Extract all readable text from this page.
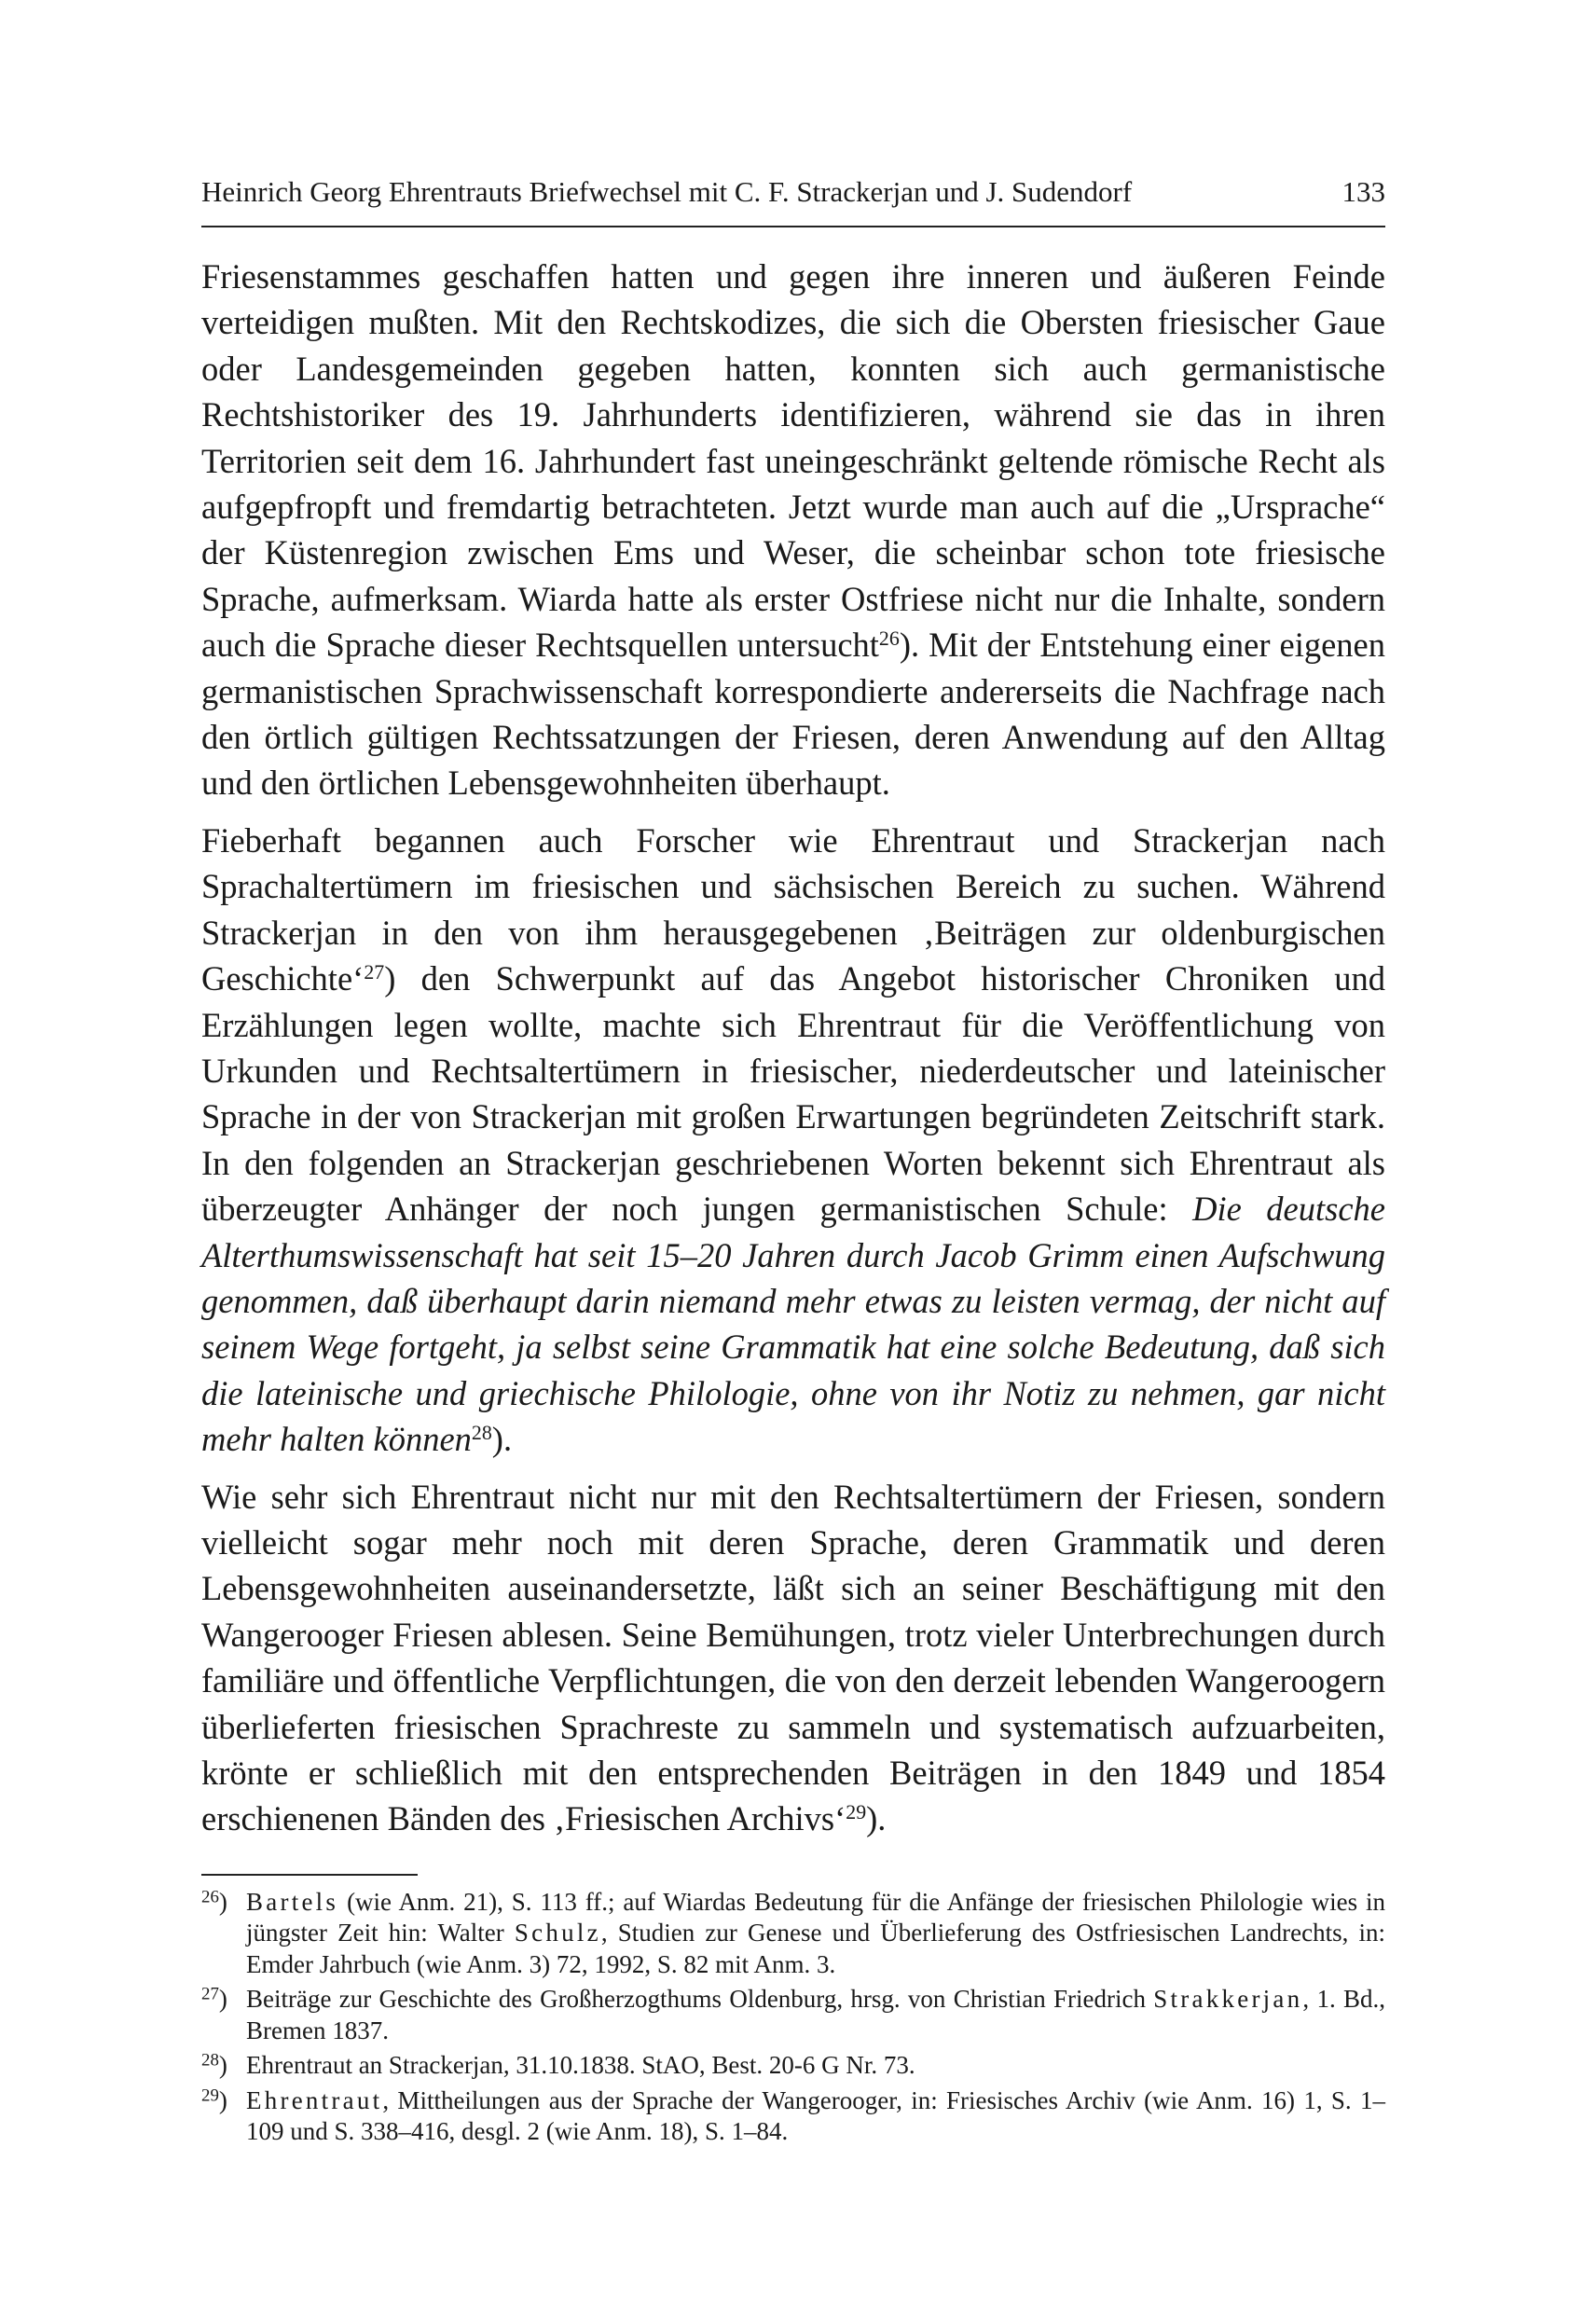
Heinrich Georg Ehrentrauts Briefwechsel mit C. F. Strackerjan und J. Sudendorf	133

Friesenstammes geschaffen hatten und gegen ihre inneren und äußeren Feinde verteidigen mußten. Mit den Rechtskodizes, die sich die Obersten friesischer Gaue oder Landesgemeinden gegeben hatten, konnten sich auch germanistische Rechtshistoriker des 19. Jahrhunderts identifizieren, während sie das in ihren Territorien seit dem 16. Jahrhundert fast uneingeschränkt geltende römische Recht als aufgepfropft und fremdartig betrachteten. Jetzt wurde man auch auf die „Ursprache“ der Küstenregion zwischen Ems und Weser, die scheinbar schon tote friesische Sprache, aufmerksam. Wiarda hatte als erster Ostfriese nicht nur die Inhalte, sondern auch die Sprache dieser Rechtsquellen untersucht$^{26}$). Mit der Entstehung einer eigenen germanistischen Sprachwissenschaft korrespondierte andererseits die Nachfrage nach den örtlich gültigen Rechtssatzungen der Friesen, deren Anwendung auf den Alltag und den örtlichen Lebensgewohnheiten überhaupt.

Fieberhaft begannen auch Forscher wie Ehrentraut und Strackerjan nach Sprachaltertümern im friesischen und sächsischen Bereich zu suchen. Während Strackerjan in den von ihm herausgegebenen ‚Beiträgen zur oldenburgischen Geschichte‘$^{27}$) den Schwerpunkt auf das Angebot historischer Chroniken und Erzählungen legen wollte, machte sich Ehrentraut für die Veröffentlichung von Urkunden und Rechtsaltertümern in friesischer, niederdeutscher und lateinischer Sprache in der von Strackerjan mit großen Erwartungen begründeten Zeitschrift stark. In den folgenden an Strackerjan geschriebenen Worten bekennt sich Ehrentraut als überzeugter Anhänger der noch jungen germanistischen Schule: Die deutsche Alterthumswissenschaft hat seit 15–20 Jahren durch Jacob Grimm einen Aufschwung genommen, daß überhaupt darin niemand mehr etwas zu leisten vermag, der nicht auf seinem Wege fortgeht, ja selbst seine Grammatik hat eine solche Bedeutung, daß sich die lateinische und griechische Philologie, ohne von ihr Notiz zu nehmen, gar nicht mehr halten können$^{28}$).

Wie sehr sich Ehrentraut nicht nur mit den Rechtsaltertümern der Friesen, sondern vielleicht sogar mehr noch mit deren Sprache, deren Grammatik und deren Lebensgewohnheiten auseinandersetzte, läßt sich an seiner Beschäftigung mit den Wangerooger Friesen ablesen. Seine Bemühungen, trotz vieler Unterbrechungen durch familiäre und öffentliche Verpflichtungen, die von den derzeit lebenden Wangeroogern überlieferten friesischen Sprachreste zu sammeln und systematisch aufzuarbeiten, krönte er schließlich mit den entsprechenden Beiträgen in den 1849 und 1854 erschienenen Bänden des ‚Friesischen Archivs‘$^{29}$).

$^{26}$) Bartels (wie Anm. 21), S. 113 ff.; auf Wiardas Bedeutung für die Anfänge der friesischen Philologie wies in jüngster Zeit hin: Walter Schulz, Studien zur Genese und Überlieferung des Ostfriesischen Landrechts, in: Emder Jahrbuch (wie Anm. 3) 72, 1992, S. 82 mit Anm. 3.
$^{27}$) Beiträge zur Geschichte des Großherzogthums Oldenburg, hrsg. von Christian Friedrich Strakkerjan, 1. Bd., Bremen 1837.
$^{28}$) Ehrentraut an Strackerjan, 31.10.1838. StAO, Best. 20-6 G Nr. 73.
$^{29}$) Ehrentraut, Mittheilungen aus der Sprache der Wangerooger, in: Friesisches Archiv (wie Anm. 16) 1, S. 1–109 und S. 338–416, desgl. 2 (wie Anm. 18), S. 1–84.
